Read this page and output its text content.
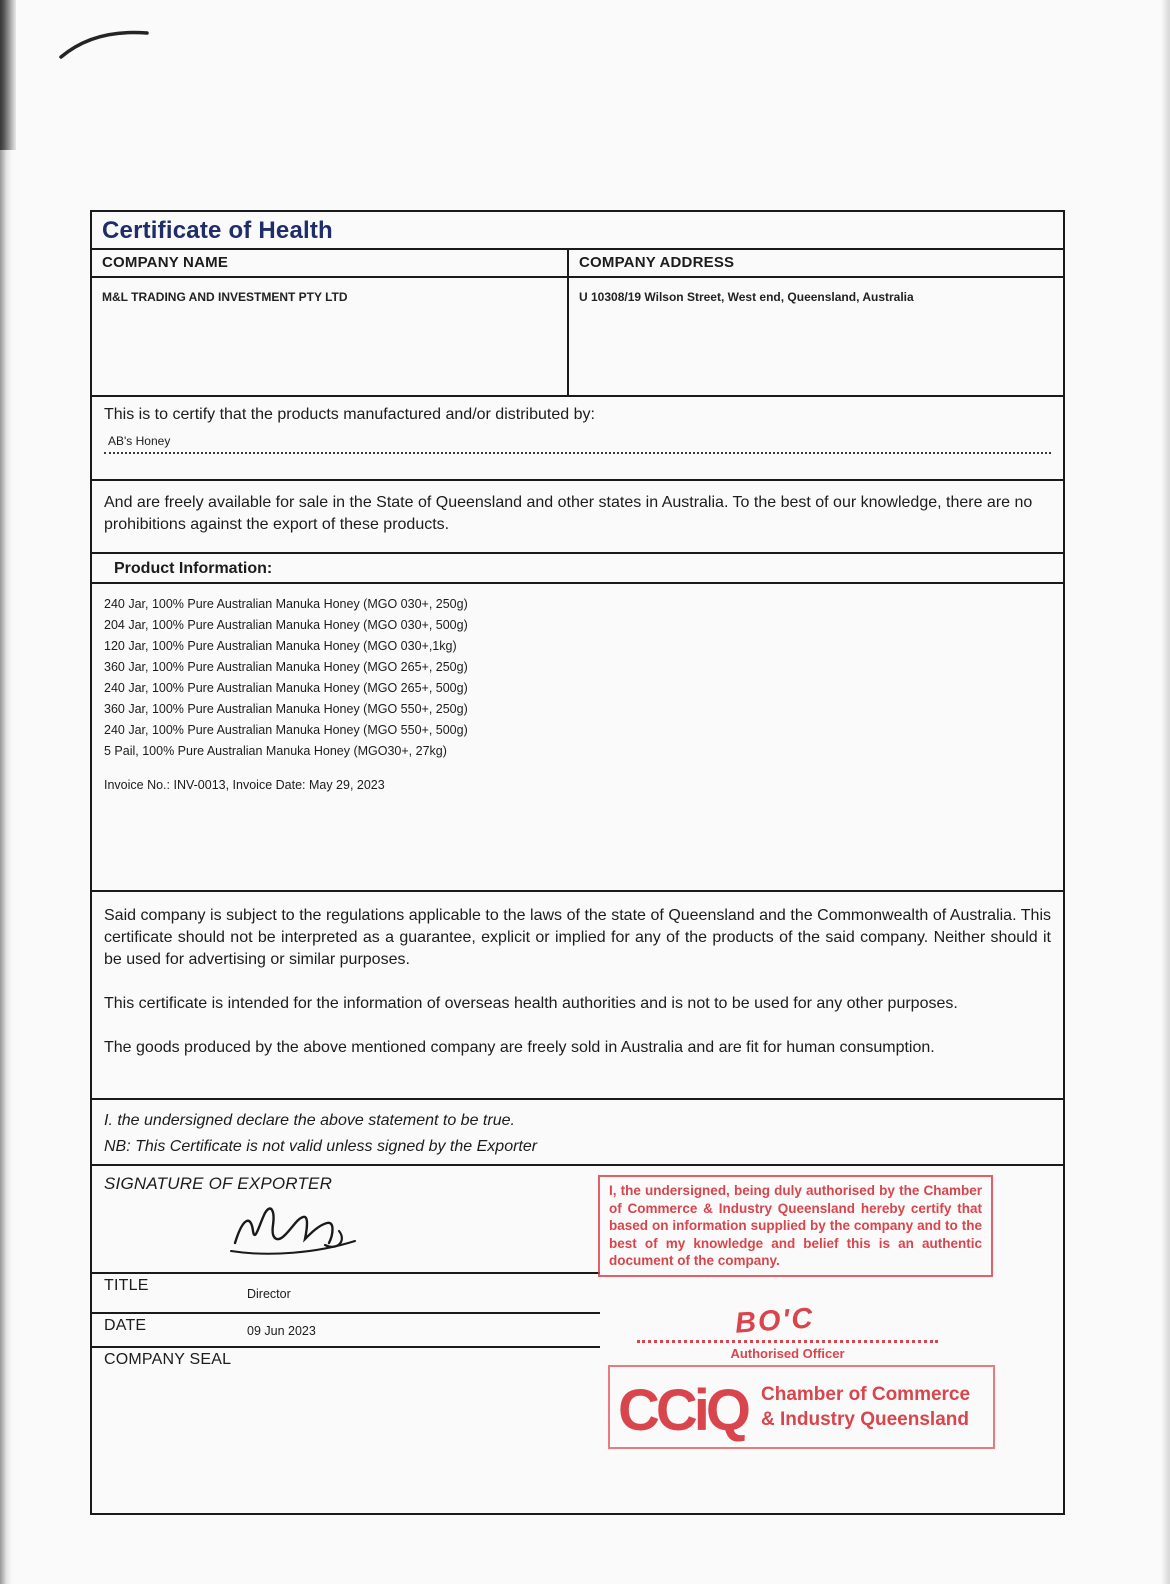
Certificate of Health
COMPANY NAME
M&L TRADING AND INVESTMENT PTY LTD
COMPANY ADDRESS
U 10308/19 Wilson Street, West end, Queensland, Australia
This is to certify that the products manufactured and/or distributed by:
AB's Honey
And are freely available for sale in the State of Queensland and other states in Australia. To the best of our knowledge, there are no prohibitions against the export of these products.
Product Information:
240 Jar, 100% Pure Australian Manuka Honey (MGO 030+, 250g)
204 Jar, 100% Pure Australian Manuka Honey (MGO 030+, 500g)
120 Jar, 100% Pure Australian Manuka Honey (MGO 030+,1kg)
360 Jar, 100% Pure Australian Manuka Honey (MGO 265+, 250g)
240 Jar, 100% Pure Australian Manuka Honey (MGO 265+, 500g)
360 Jar, 100% Pure Australian Manuka Honey (MGO 550+, 250g)
240 Jar, 100% Pure Australian Manuka Honey (MGO 550+, 500g)
5 Pail, 100% Pure Australian Manuka Honey (MGO30+, 27kg)
Invoice No.: INV-0013, Invoice Date: May 29, 2023

Said company is subject to the regulations applicable to the laws of the state of Queensland and the Commonwealth of Australia. This certificate should not be interpreted as a guarantee, explicit or implied for any of the products of the said company. Neither should it be used for advertising or similar purposes.

This certificate is intended for the information of overseas health authorities and is not to be used for any other purposes.

The goods produced by the above mentioned company are freely sold in Australia and are fit for human consumption.

I. the undersigned declare the above statement to be true.
NB: This Certificate is not valid unless signed by the Exporter
SIGNATURE OF EXPORTER
TITLE	Director
DATE	09 Jun 2023
COMPANY SEAL
I, the undersigned, being duly authorised by the Chamber of Commerce & Industry Queensland hereby certify that based on information supplied by the company and to the best of my knowledge and belief this is an authentic document of the company.
BO'C
Authorised Officer
CCiQ Chamber of Commerce & Industry Queensland
